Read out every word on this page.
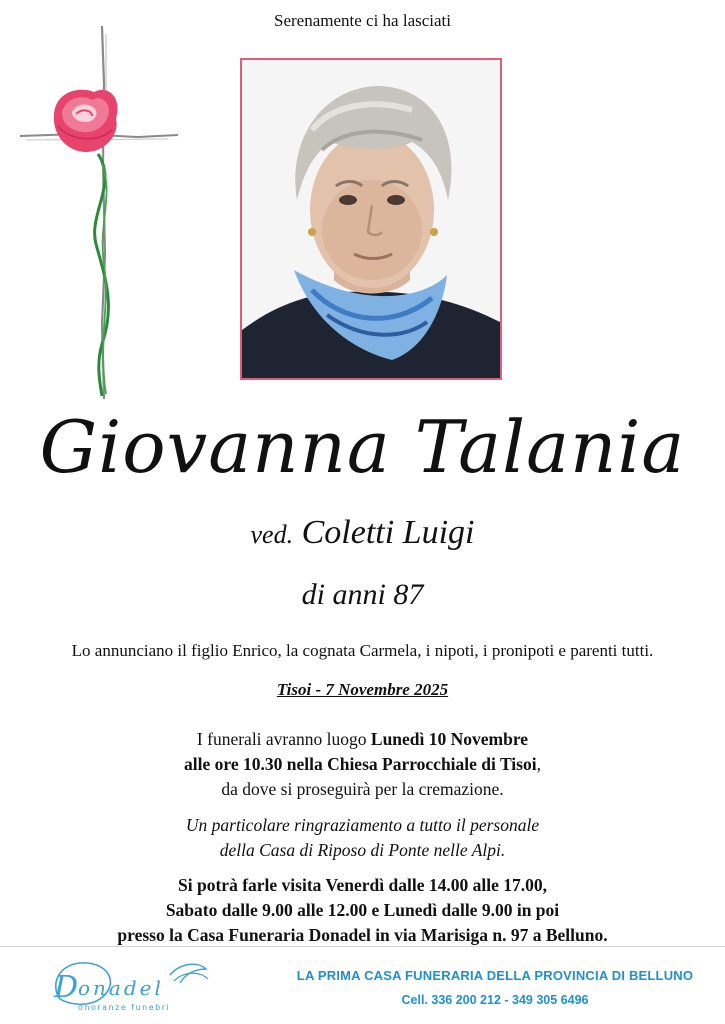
Serenamente ci ha lasciati
Giovanna Talania
ved. Coletti Luigi
di anni 87
Lo annunciano il figlio Enrico, la cognata Carmela, i nipoti, i pronipoti e parenti tutti.
Tisoi - 7 Novembre 2025
I funerali avranno luogo Lunedì 10 Novembre
alle ore 10.30 nella Chiesa Parrocchiale di Tisoi,
da dove si proseguirà per la cremazione.
Un particolare ringraziamento a tutto il personale
della Casa di Riposo di Ponte nelle Alpi.
Si potrà farle visita Venerdì dalle 14.00 alle 17.00,
Sabato dalle 9.00 alle 12.00 e Lunedì dalle 9.00 in poi
presso la Casa Funeraria Donadel in via Marisiga n. 97 a Belluno.
D onadel
onoranze funebri
LA PRIMA CASA FUNERARIA DELLA PROVINCIA DI BELLUNO
Cell. 336 200 212 - 349 305 6496
